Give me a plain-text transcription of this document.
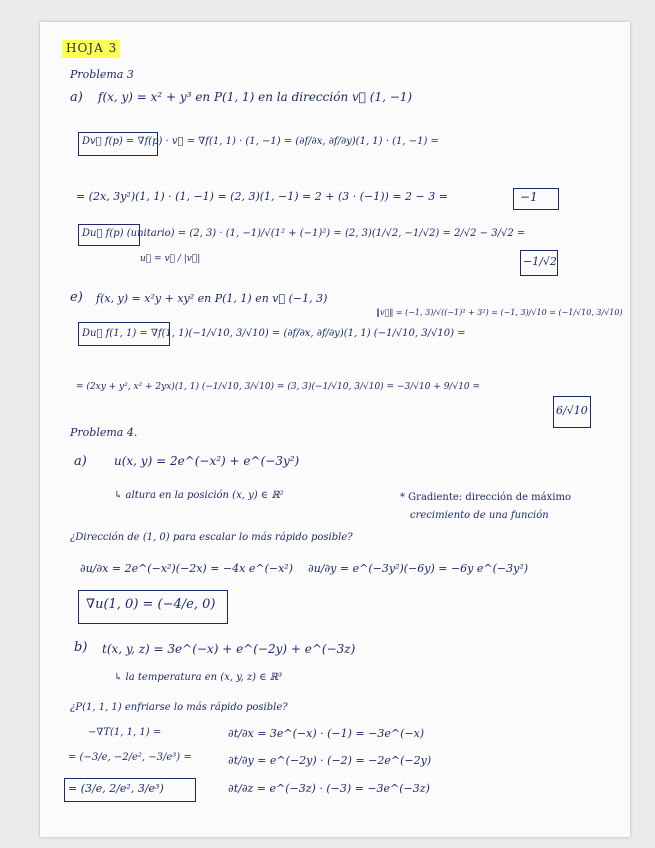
HOJA 3
Problema 3
a) f(x, y) = x² + y³ en P(1, 1) en la dirección v⃗ (1, −1)
Dv⃗ f(p) = ∇f(p) · v⃗ = ∇f(1, 1) · (1, −1) = (∂f/∂x, ∂f/∂y)(1, 1) · (1, −1) =
= (2x, 3y²)(1, 1) · (1, −1) = (2, 3)(1, −1) = 2 + (3 · (−1)) = 2 − 3 =	−1
Du⃗ f(p) (unitario) = (2, 3) · (1, −1)/√(1² + (−1)²) = (2, 3)(1/√2, −1/√2) = 2/√2 − 3/√2 =
u⃗ = v⃗ / |v⃗|	−1/√2
e) f(x, y) = x²y + xy² en P(1, 1) en v⃗ (−1, 3)
‖v⃗‖ = (−1, 3)/√((−1)² + 3²) = (−1, 3)/√10 = (−1/√10, 3/√10)
Du⃗ f(1, 1) = ∇f(1, 1)(−1/√10, 3/√10) = (∂f/∂x, ∂f/∂y)(1, 1) (−1/√10, 3/√10) =
= (2xy + y², x² + 2yx)(1, 1) (−1/√10, 3/√10) = (3, 3)(−1/√10, 3/√10) = −3/√10 + 9/√10 =
6/√10
Problema 4.
a) u(x, y) = 2e^(−x²) + e^(−3y²)
↳ altura en la posición (x, y) ∈ ℝ²	* Gradiente: dirección de máximo
crecimiento de una función
¿Dirección de (1, 0) para escalar lo más rápido posible?
∂u/∂x = 2e^(−x²)(−2x) = −4x e^(−x²) ∂u/∂y = e^(−3y²)(−6y) = −6y e^(−3y²)
∇u(1, 0) = (−4/e, 0)
b) t(x, y, z) = 3e^(−x) + e^(−2y) + e^(−3z)
↳ la temperatura en (x, y, z) ∈ ℝ³
¿P(1, 1, 1) enfriarse lo más rápido posible?
−∇T(1, 1, 1) =	∂t/∂x = 3e^(−x) · (−1) = −3e^(−x)
= (−3/e, −2/e², −3/e³) =	∂t/∂y = e^(−2y) · (−2) = −2e^(−2y)
= (3/e, 2/e², 3/e³)	∂t/∂z = e^(−3z) · (−3) = −3e^(−3z)
